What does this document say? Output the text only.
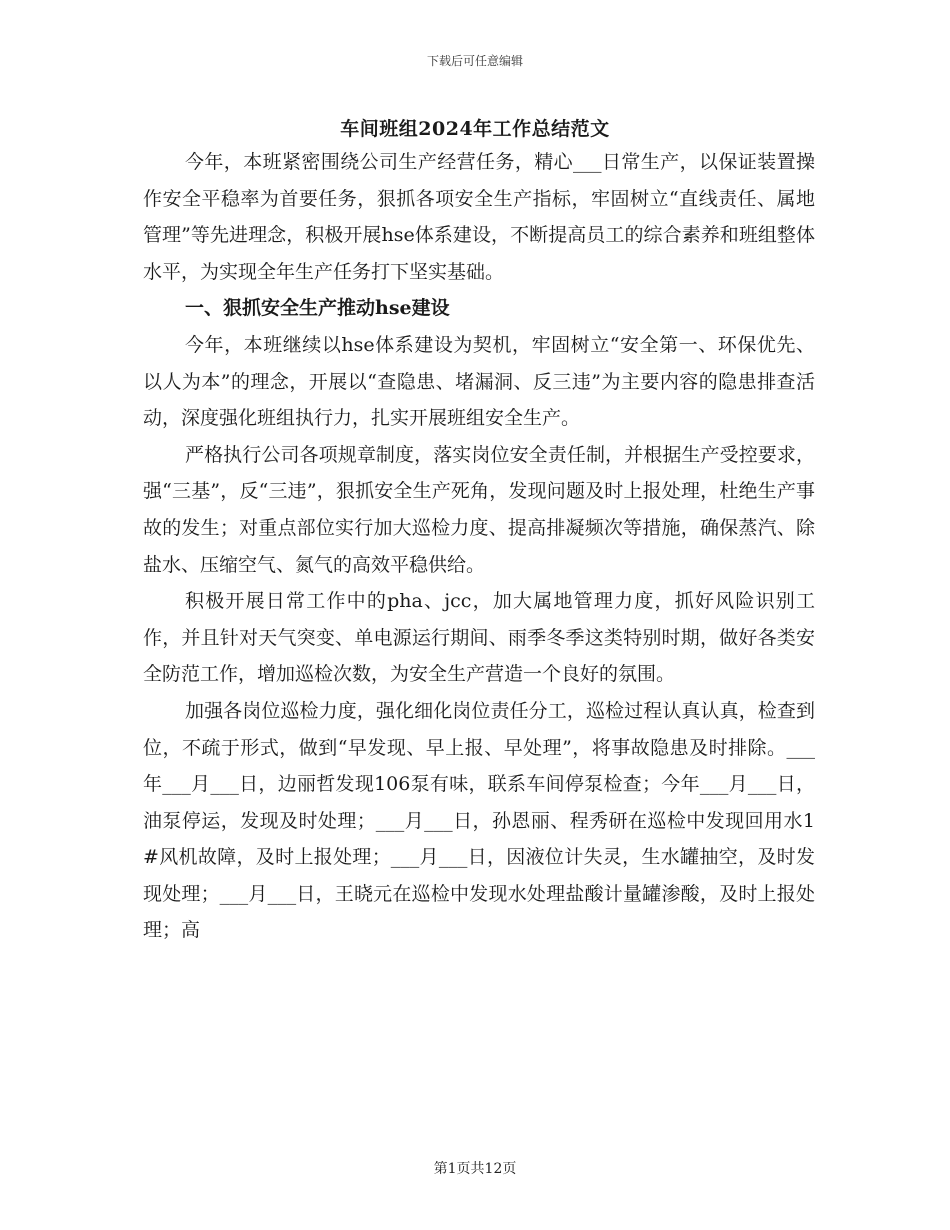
下载后可任意编辑
车间班组2024年工作总结范文

今年，本班紧密围绕公司生产经营任务，精心___日常生产，以保证装置操作安全平稳率为首要任务，狠抓各项安全生产指标，牢固树立“直线责任、属地管理”等先进理念，积极开展hse体系建设，不断提高员工的综合素养和班组整体水平，为实现全年生产任务打下坚实基础。

一、狠抓安全生产推动hse建设

今年，本班继续以hse体系建设为契机，牢固树立“安全第一、环保优先、以人为本”的理念，开展以“查隐患、堵漏洞、反三违”为主要内容的隐患排查活动，深度强化班组执行力，扎实开展班组安全生产。

严格执行公司各项规章制度，落实岗位安全责任制，并根据生产受控要求，强“三基”，反“三违”，狠抓安全生产死角，发现问题及时上报处理，杜绝生产事故的发生；对重点部位实行加大巡检力度、提高排凝频次等措施，确保蒸汽、除盐水、压缩空气、氮气的高效平稳供给。

积极开展日常工作中的pha、jcc，加大属地管理力度，抓好风险识别工作，并且针对天气突变、单电源运行期间、雨季冬季这类特别时期，做好各类安全防范工作，增加巡检次数，为安全生产营造一个良好的氛围。

加强各岗位巡检力度，强化细化岗位责任分工，巡检过程认真认真，检查到位，不疏于形式，做到“早发现、早上报、早处理”，将事故隐患及时排除。___年___月___日，边丽哲发现106泵有味，联系车间停泵检查；今年___月___日，油泵停运，发现及时处理；___月___日，孙恩丽、程秀研在巡检中发现回用水1#风机故障，及时上报处理；___月___日，因液位计失灵，生水罐抽空，及时发现处理；___月___日，王晓元在巡检中发现水处理盐酸计量罐渗酸，及时上报处理；高

第1页共12页
